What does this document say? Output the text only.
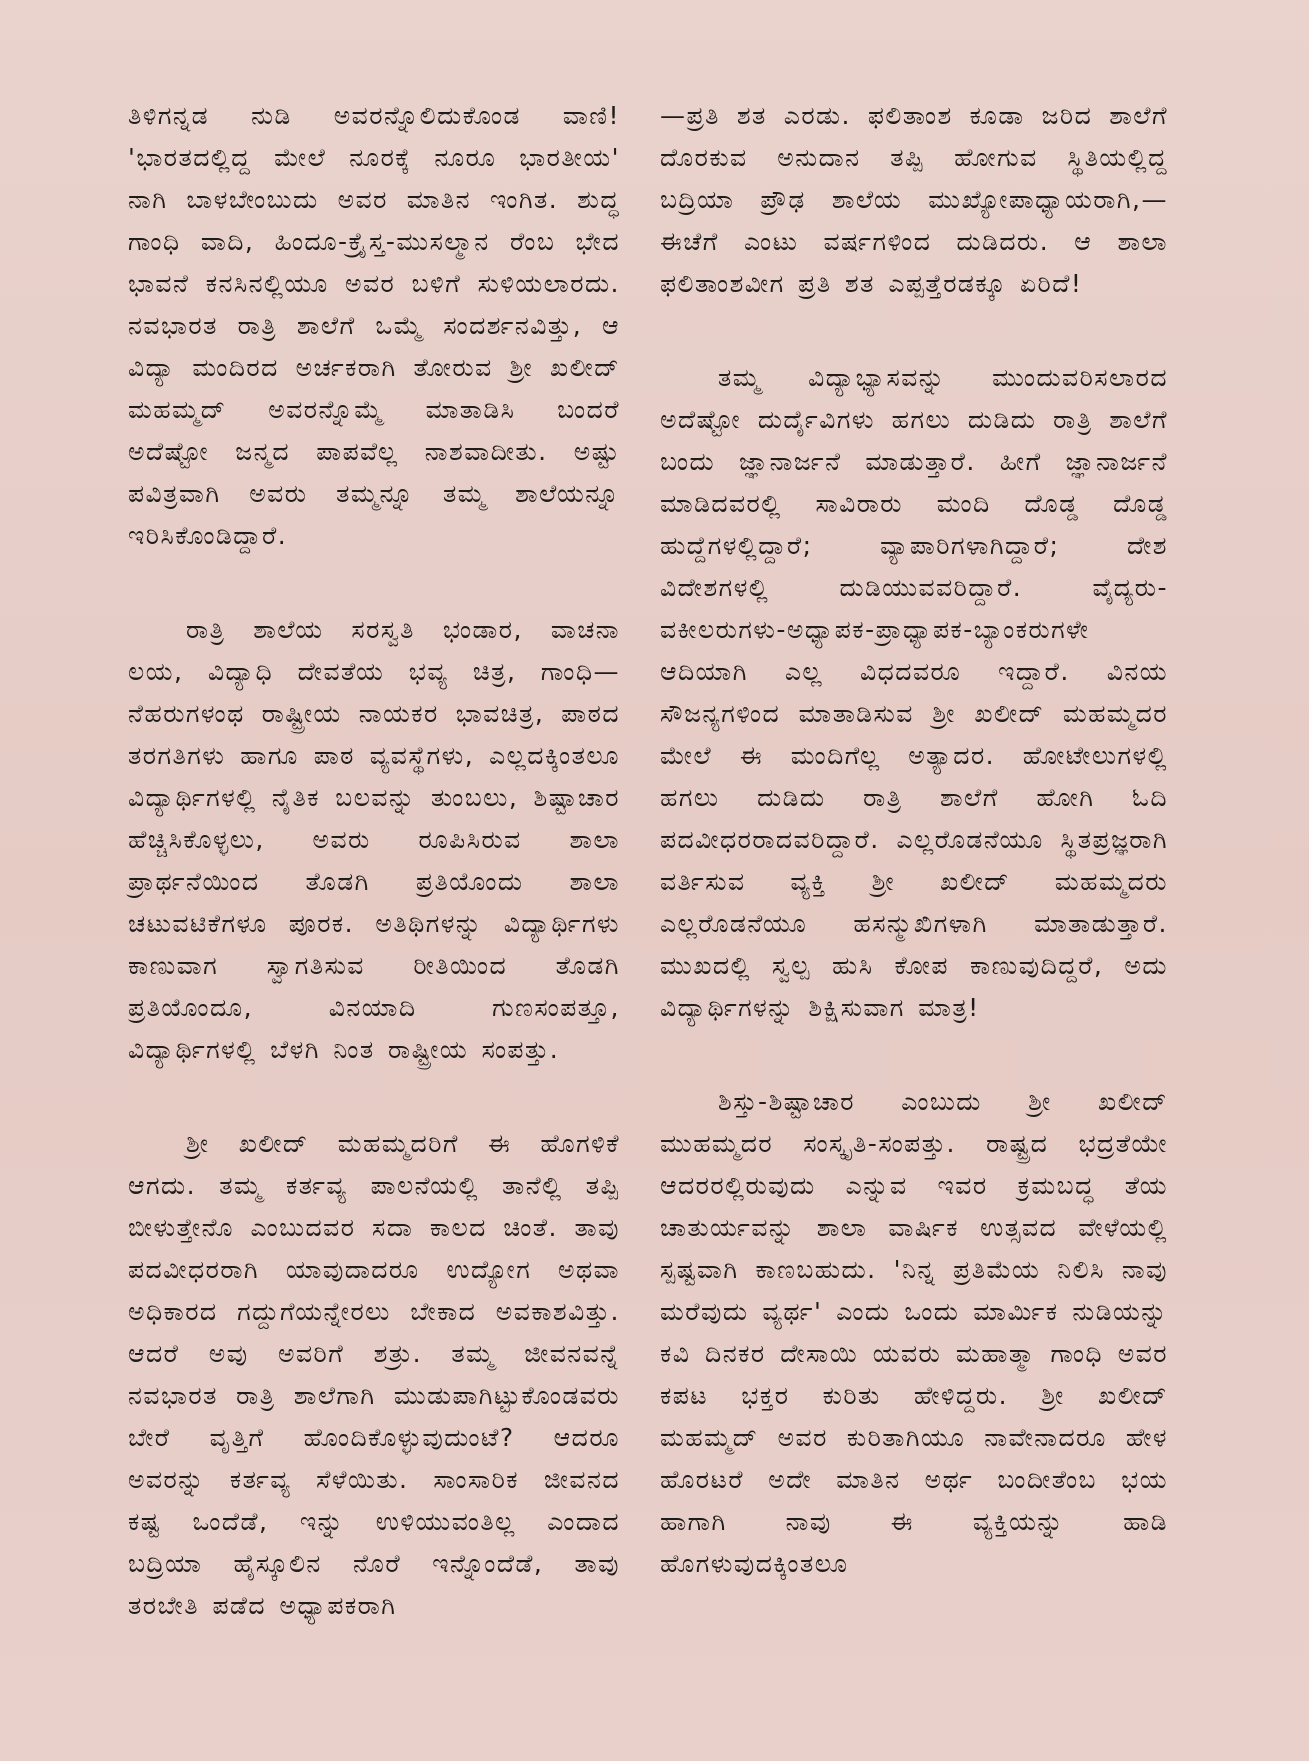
ತಿಳಿಗನ್ನಡ ನುಡಿ ಅವರನ್ನೊಲಿದುಕೊಂಡ ವಾಣಿ! 'ಭಾರತದಲ್ಲಿದ್ದ ಮೇಲೆ ನೂರಕ್ಕೆ ನೂರೂ ಭಾರತೀಯ' ನಾಗಿ ಬಾಳಬೇಂಬುದು ಅವರ ಮಾತಿನ ಇಂಗಿತ. ಶುದ್ಧ ಗಾಂಧಿ ವಾದಿ, ಹಿಂದೂ-ಕ್ರೈಸ್ತ-ಮುಸಲ್ಮಾನ ರೆಂಬ ಭೇದ ಭಾವನೆ ಕನಸಿನಲ್ಲಿಯೂ ಅವರ ಬಳಿಗೆ ಸುಳಿಯಲಾರದು. ನವಭಾರತ ರಾತ್ರಿ ಶಾಲೆಗೆ ಒಮ್ಮೆ ಸಂದರ್ಶನವಿತ್ತು, ಆ ವಿದ್ಯಾ ಮಂದಿರದ ಅರ್ಚಕರಾಗಿ ತೋರುವ ಶ್ರೀ ಖಲೀದ್ ಮಹಮ್ಮದ್ ಅವರನ್ನೊಮ್ಮೆ ಮಾತಾಡಿಸಿ ಬಂದರೆ ಅದೆಷ್ಟೋ ಜನ್ಮದ ಪಾಪವೆಲ್ಲ ನಾಶವಾದೀತು. ಅಷ್ಟು ಪವಿತ್ರವಾಗಿ ಅವರು ತಮ್ಮನ್ನೂ ತಮ್ಮ ಶಾಲೆಯನ್ನೂ ಇರಿಸಿಕೊಂಡಿದ್ದಾರೆ.

ರಾತ್ರಿ ಶಾಲೆಯ ಸರಸ್ವತಿ ಭಂಡಾರ, ವಾಚನಾ ಲಯ, ವಿದ್ಯಾಧಿ ದೇವತೆಯ ಭವ್ಯ ಚಿತ್ರ, ಗಾಂಧಿ—ನೆಹರುಗಳಂಥ ರಾಷ್ಟ್ರೀಯ ನಾಯಕರ ಭಾವಚಿತ್ರ, ಪಾಠದ ತರಗತಿಗಳು ಹಾಗೂ ಪಾಠ ವ್ಯವಸ್ಥೆಗಳು, ಎಲ್ಲದಕ್ಕಿಂತಲೂ ವಿದ್ಯಾರ್ಥಿಗಳಲ್ಲಿ ನೈತಿಕ ಬಲವನ್ನು ತುಂಬಲು, ಶಿಷ್ಟಾಚಾರ ಹೆಚ್ಚಿಸಿಕೊಳ್ಳಲು, ಅವರು ರೂಪಿಸಿರುವ ಶಾಲಾ ಪ್ರಾರ್ಥನೆಯಿಂದ ತೊಡಗಿ ಪ್ರತಿಯೊಂದು ಶಾಲಾ ಚಟುವಟಿಕೆಗಳೂ ಪೂರಕ. ಅತಿಥಿಗಳನ್ನು ವಿದ್ಯಾರ್ಥಿಗಳು ಕಾಣುವಾಗ ಸ್ವಾಗತಿಸುವ ರೀತಿಯಿಂದ ತೊಡಗಿ ಪ್ರತಿಯೊಂದೂ, ವಿನಯಾದಿ ಗುಣಸಂಪತ್ತೂ, ವಿದ್ಯಾರ್ಥಿಗಳಲ್ಲಿ ಬೆಳಗಿ ನಿಂತ ರಾಷ್ಟ್ರೀಯ ಸಂಪತ್ತು.

ಶ್ರೀ ಖಲೀದ್ ಮಹಮ್ಮದರಿಗೆ ಈ ಹೊಗಳಿಕೆ ಆಗದು. ತಮ್ಮ ಕರ್ತವ್ಯ ಪಾಲನೆಯಲ್ಲಿ ತಾನೆಲ್ಲಿ ತಪ್ಪಿ ಬೀಳುತ್ತೇನೊ ಎಂಬುದವರ ಸದಾ ಕಾಲದ ಚಿಂತೆ. ತಾವು ಪದವೀಧರರಾಗಿ ಯಾವುದಾದರೂ ಉದ್ಯೋಗ ಅಥವಾ ಅಧಿಕಾರದ ಗದ್ದುಗೆಯನ್ನೇರಲು ಬೇಕಾದ ಅವಕಾಶವಿತ್ತು. ಆದರೆ ಅವು ಅವರಿಗೆ ಶತ್ರು. ತಮ್ಮ ಜೀವನವನ್ನೆ ನವಭಾರತ ರಾತ್ರಿ ಶಾಲೆಗಾಗಿ ಮುಡುಪಾಗಿಟ್ಟುಕೊಂಡವರು ಬೇರೆ ವೃತ್ತಿಗೆ ಹೊಂದಿಕೊಳ್ಳುವುದುಂಟೆ? ಆದರೂ ಅವರನ್ನು ಕರ್ತವ್ಯ ಸೆಳೆಯಿತು. ಸಾಂಸಾರಿಕ ಜೀವನದ ಕಷ್ಟ ಒಂದೆಡೆ, ಇನ್ನು ಉಳಿಯುವಂತಿಲ್ಲ ಎಂದಾದ ಬದ್ರಿಯಾ ಹೈಸ್ಕೂಲಿನ ನೊರೆ ಇನ್ನೊಂದೆಡೆ, ತಾವು ತರಬೇತಿ ಪಡೆದ ಅಧ್ಯಾಪಕರಾಗಿ

—ಪ್ರತಿ ಶತ ಎರಡು. ಫಲಿತಾಂಶ ಕೂಡಾ ಜರಿದ ಶಾಲೆಗೆ ದೊರಕುವ ಅನುದಾನ ತಪ್ಪಿ ಹೋಗುವ ಸ್ಥಿತಿಯಲ್ಲಿದ್ದ ಬದ್ರಿಯಾ ಪ್ರೌಢ ಶಾಲೆಯ ಮುಖ್ಯೋಪಾಧ್ಯಾಯರಾಗಿ,—ಈಚೆಗೆ ಎಂಟು ವರ್ಷಗಳಿಂದ ದುಡಿದರು. ಆ ಶಾಲಾ ಫಲಿತಾಂಶವೀಗ ಪ್ರತಿ ಶತ ಎಪ್ಪತ್ತೆರಡಕ್ಕೂ ಏರಿದೆ!

ತಮ್ಮ ವಿದ್ಯಾಭ್ಯಾಸವನ್ನು ಮುಂದುವರಿಸಲಾರದ ಅದೆಷ್ಟೋ ದುರ್ದೈವಿಗಳು ಹಗಲು ದುಡಿದು ರಾತ್ರಿ ಶಾಲೆಗೆ ಬಂದು ಜ್ಞಾನಾರ್ಜನೆ ಮಾಡುತ್ತಾರೆ. ಹೀಗೆ ಜ್ಞಾನಾರ್ಜನೆ ಮಾಡಿದವರಲ್ಲಿ ಸಾವಿರಾರು ಮಂದಿ ದೊಡ್ಡ ದೊಡ್ಡ ಹುದ್ದೆಗಳಲ್ಲಿದ್ದಾರೆ; ವ್ಯಾಪಾರಿಗಳಾಗಿದ್ದಾರೆ; ದೇಶ ವಿದೇಶಗಳಲ್ಲಿ ದುಡಿಯುವವರಿದ್ದಾರೆ. ವೈದ್ಯರು-ವಕೀಲರುಗಳು-ಅಧ್ಯಾಪಕ-ಪ್ರಾಧ್ಯಾಪಕ-ಬ್ಯಾಂಕರುಗಳೇ ಆದಿಯಾಗಿ ಎಲ್ಲ ವಿಧದವರೂ ಇದ್ದಾರೆ. ವಿನಯ ಸೌಜನ್ಯಗಳಿಂದ ಮಾತಾಡಿಸುವ ಶ್ರೀ ಖಲೀದ್ ಮಹಮ್ಮದರ ಮೇಲೆ ಈ ಮಂದಿಗೆಲ್ಲ ಅತ್ಯಾದರ. ಹೋಟೇಲುಗಳಲ್ಲಿ ಹಗಲು ದುಡಿದು ರಾತ್ರಿ ಶಾಲೆಗೆ ಹೋಗಿ ಓದಿ ಪದವೀಧರರಾದವರಿದ್ದಾರೆ. ಎಲ್ಲರೊಡನೆಯೂ ಸ್ಥಿತಪ್ರಜ್ಞರಾಗಿ ವರ್ತಿಸುವ ವ್ಯಕ್ತಿ ಶ್ರೀ ಖಲೀದ್ ಮಹಮ್ಮದರು ಎಲ್ಲರೊಡನೆಯೂ ಹಸನ್ಮುಖಿಗಳಾಗಿ ಮಾತಾಡುತ್ತಾರೆ. ಮುಖದಲ್ಲಿ ಸ್ವಲ್ಪ ಹುಸಿ ಕೋಪ ಕಾಣುವುದಿದ್ದರೆ, ಅದು ವಿದ್ಯಾರ್ಥಿಗಳನ್ನು ಶಿಕ್ಷಿಸುವಾಗ ಮಾತ್ರ!

ಶಿಸ್ತು-ಶಿಷ್ಟಾಚಾರ ಎಂಬುದು ಶ್ರೀ ಖಲೀದ್ ಮುಹಮ್ಮದರ ಸಂಸ್ಕೃತಿ-ಸಂಪತ್ತು. ರಾಷ್ಟ್ರದ ಭದ್ರತೆಯೇ ಆದರರಲ್ಲಿರುವುದು ಎನ್ನುವ ಇವರ ಕ್ರಮಬದ್ಧ ತೆಯ ಚಾತುರ್ಯವನ್ನು ಶಾಲಾ ವಾರ್ಷಿಕ ಉತ್ಸವದ ವೇಳೆಯಲ್ಲಿ ಸ್ಪಷ್ಟವಾಗಿ ಕಾಣಬಹುದು. 'ನಿನ್ನ ಪ್ರತಿಮೆಯ ನಿಲಿಸಿ ನಾವು ಮರೆವುದು ವ್ಯರ್ಥ' ಎಂದು ಒಂದು ಮಾರ್ಮಿಕ ನುಡಿಯನ್ನು ಕವಿ ದಿನಕರ ದೇಸಾಯಿ ಯವರು ಮಹಾತ್ಮಾ ಗಾಂಧಿ ಅವರ ಕಪಟ ಭಕ್ತರ ಕುರಿತು ಹೇಳಿದ್ದರು. ಶ್ರೀ ಖಲೀದ್ ಮಹಮ್ಮದ್ ಅವರ ಕುರಿತಾಗಿಯೂ ನಾವೇನಾದರೂ ಹೇಳ ಹೊರಟರೆ ಅದೇ ಮಾತಿನ ಅರ್ಥ ಬಂದೀತೆಂಬ ಭಯ ಹಾಗಾಗಿ ನಾವು ಈ ವ್ಯಕ್ತಿಯನ್ನು ಹಾಡಿ ಹೊಗಳುವುದಕ್ಕಿಂತಲೂ
